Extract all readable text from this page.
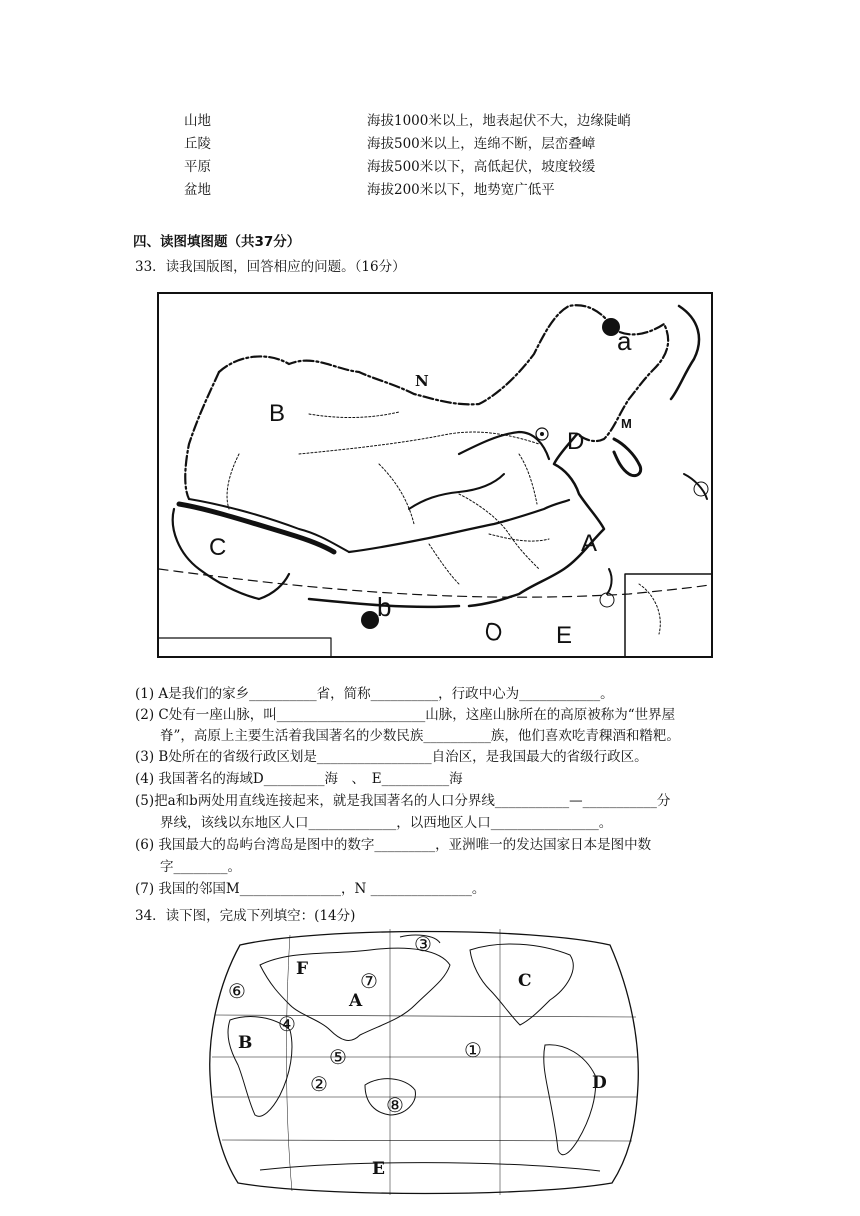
山地	海拔1000米以上，地表起伏不大，边缘陡峭
丘陵	海拔500米以上，连绵不断，层峦叠嶂
平原	海拔500米以下，高低起伏，坡度较缓
盆地	海拔200米以下，地势宽广低平
四、读图填图题（共37分）
33．读我国版图，回答相应的问题。（16分）
a
b
A
B
C
D
E
M
N
(1) A是我们的家乡__________省，简称__________，行政中心为____________。
(2) C处有一座山脉，叫______________________山脉，这座山脉所在的高原被称为“世界屋
脊”，高原上主要生活着我国著名的少数民族__________族，他们喜欢吃青稞酒和糌粑。
(3) B处所在的省级行政区划是_________________自治区，是我国最大的省级行政区。
(4) 我国著名的海域D_________海　、　E__________海
(5)把a和b两处用直线连接起来，就是我国著名的人口分界线___________—___________分
界线，该线以东地区人口_____________，以西地区人口________________。
(6) 我国最大的岛屿台湾岛是图中的数字_________，亚洲唯一的发达国家日本是图中数
字________。
(7) 我国的邻国M_______________，N _______________。
34．读下图，完成下列填空：(14分)
F
A
B
C
D
E
①
②
③
④
⑤
⑥	⑦
⑧
